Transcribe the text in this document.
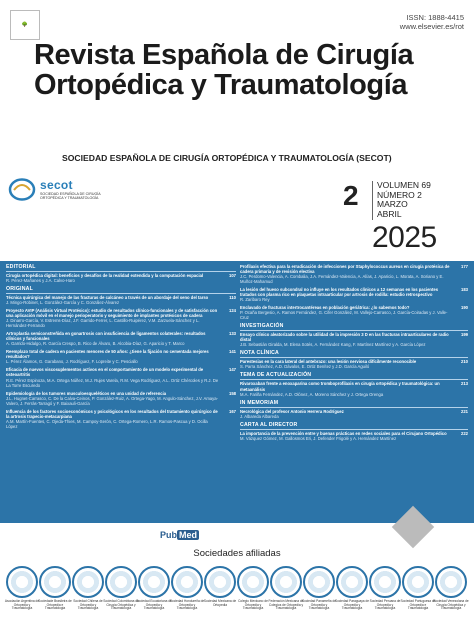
🌳
ISSN: 1888-4415
www.elsevier.es/rot
Revista Española de Cirugía Ortopédica y Traumatología
SOCIEDAD ESPAÑOLA DE CIRUGÍA ORTOPÉDICA Y TRAUMATOLOGÍA (SECOT)
secot
SOCIEDAD ESPAÑOLA DE CIRUGÍA ORTOPÉDICA Y TRAUMATOLOGÍA	2 VOLUMEN 69
NÚMERO 2
MARZO
ABRIL
2025
EDITORIAL
Cirugía ortopédica digital: beneficios y desafíos de la realidad extendida y la computación espacial
R. Pérez-Mañanes y J.A. Calvo-Haro
107
ORIGINAL
Técnica quirúrgica del manejo de las fracturas de calcáneo a través de un abordaje del seno del tarso
J. Mingo-Robinet, L. González-García y C. González-Álvarez
110
Proyecto AVIP (Análisis Virtual Protésico): estudio de resultados clínico-funcionales y de satisfacción con una aplicación móvil en el manejo perioperatorio y seguimiento de implantes protésicos de cadera
J. Dinarro-García, V. Estrems-Díaz, J.F. Garrido-Ferrer, L. Castillo-Ruipérez, V.M. Zarzuela-Sánchez y L. Hernández-Ferrando
124
Artroplastia semiconstreñida en gonartrosis con insuficiencia de ligamentos colaterales: resultados clínicos y funcionales
A. Garrido-Hidalgo, R. García Crespo, B. Rico de Álvaro, B. Alcobia-Díaz, G. Aparicio y T. Marco
133
Reemplazo total de cadera en pacientes menores de 50 años: ¿tiene la fijación no cementada mejores resultados?
L. Pérez Álamos, G. Garabano, J. Rodríguez, F. Lopreite y C. Pesciallo
141
Eficacia de nuevos viscosuplementos activos en el comportamiento de un modelo experimental de osteoartritis
R.E. Pérez Espinoza, M.A. Ortega Núñez, M.J. Rujes Varela, R.M. Vega Rodríguez, A.L. Ortiz Chércoles y R.J. De La Torre Escuredo
147
Epidemiología de los tumores musculoesqueléticos en una unidad de referencia
J.L. Hugnet-Carrasco, C. De la Calva-Ceinos, P. González-Ruiz, A. Ortega-Yago, M. Angulo-Sánchez, J.V. Amaya-Valero, J. Ferràs-Tarragó y F. Baixauli-García
158
Influencia de los factores socioeconómicos y psicológicos en los resultados del tratamiento quirúrgico de la artrosis trapecio-metacarpiana
A.M. Martín-Fuentes, C. Ojeda-Thies, M. Campoy-Serón, C. Ortega-Romero, L.R. Ramos-Pascua y D. Ocilla López
167
Profilaxis efectiva para la erradicación de infecciones por Staphylococcus aureus en cirugía protésica de cadera primaria y de revisión electiva
J.C. Perdomo-Valencia, A. Combalia, J.A. Fernández-Valencia, A. Alías, J. Aparicio, L. Morata, A. Soriano y E. Muñoz-Mahamud
177
La lesión del hueso subcondral no influye en los resultados clínicos a 12 semanas en los pacientes tratados con plasma rico en plaquetas intraarticular por artrosis de rodilla: estudio retrospectivo
R. Zaribaro Rey
183
Enclavado de fracturas intertrocantéreas en población geriátrica: ¿lo sabemos todo?
P. Ocaña Bergesio, A. Ramos Fernández, G. Cifer González, M. Vallejo-Carrasco, J. García-Coiradas y J. Valle-Cruz
190
INVESTIGACIÓN
Ensayo clínico aleatorizado sobre la utilidad de la impresión 3 D en las fracturas intraarticulares de radio distal
J.B. Sebastián Giralda, M. Elena Sotés, A. Fernández Kang, F. Martínez Martínez y A. García López
199
NOTA CLÍNICA
Parestesias en la cara lateral del antebrazo: una lesión nerviosa difícilmente reconocible
S. Parra Sánchez, A.D. Dávalos, E. Ortiz Benítez y J.D. García Aguiló
210
TEMA DE ACTUALIZACIÓN
Rivaroxaban frente a enoxaparina como tromboprofilaxis en cirugía ortopédica y traumatológica: un metaanálisis
M.A. Fariña Fernández, A.D. Olónez, A. Moreno Sánchez y J. Ortega Orenga
213
IN MEMORIAM
Necrológica del profesor Antonio Herrera Rodríguez
J. Albareda Albareda
221
CARTA AL DIRECTOR
La importancia de la prevención entre y buenas prácticas en redes sociales para el Cirujano Ortopédico
M. Vázquez Gómez, M. Gallosmos Eri, J. Defender Frigolé y A. Hernández Martínez
222
Pub Med
Sociedades afiliadas
Asociación Argentina de Ortopedia y Traumatología
Sociedade Brasileira de Ortopedia e Traumatologia
Sociedad Chilena de Ortopedia y Traumatología
Sociedad Colombiana de Cirugía Ortopédica y Traumatología
Sociedad Ecuatoriana de Ortopedia y Traumatología
Sociedad Hondureña de Ortopedia y Traumatología
Sociedad Mexicana de Ortopedia
Colegio Mexicano de Ortopedia y Traumatología
Federación Mexicana de Colegios de Ortopedia y Traumatología
Sociedad Panameña de Ortopedia y Traumatología
Sociedad Paraguaya de Ortopedia y Traumatología
Sociedad Peruana de Ortopedia y Traumatología
Sociedad Portuguesa de Ortopedia e Traumatologia
Sociedad Venezolana de Cirugía Ortopédica y Traumatología
